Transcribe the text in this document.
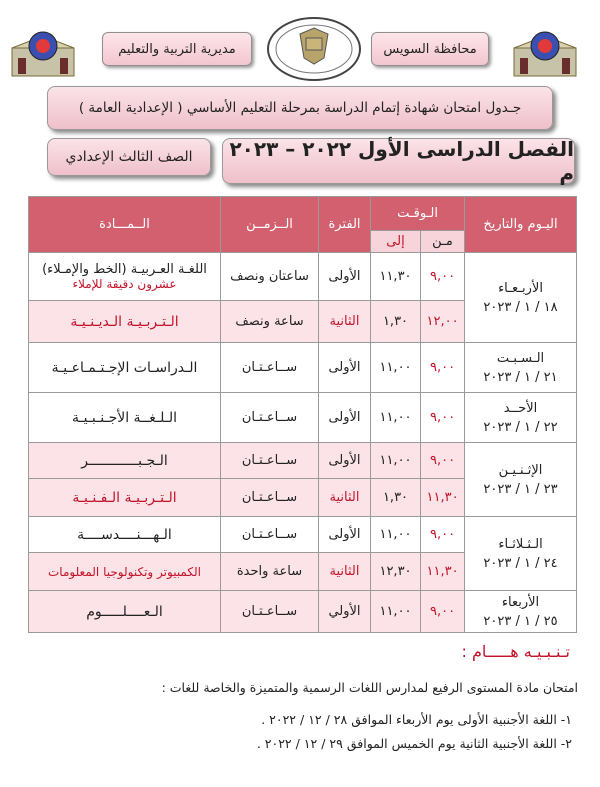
محافظة السويس
مديرية التربية والتعليم
جـدول امتحان شهادة إتمام الدراسة بمرحلة التعليم الأساسي ( الإعدادية العامة )
الفصل الدراسى الأول ٢٠٢٢ – ٢٠٢٣ م
الصف الثالث الإعدادي
اليـوم والتاريخ	الـوقـت		الفترة	الــزمــن	الــمـــادة
	مـن	إلى			
الأربـعـاء
١٨ / ١ / ٢٠٢٣	٩,٠٠	١١,٣٠	الأولى	ساعتان ونصف	اللغـة العـربيـة (الخط والإمـلاء)
عشرون دقيقة للإملاء

	١٢,٠٠	١,٣٠	الثانية	ساعة ونصف	الـتـربـيـة الـديـنـيـة
الـسـبـت
٢١ / ١ / ٢٠٢٣	٩,٠٠	١١,٠٠	الأولى	ســاعـتـان	الـدراسـات الإجـتـمـاعـيـة
الأحــد
٢٢ / ١ / ٢٠٢٣	٩,٠٠	١١,٠٠	الأولى	ســاعـتـان	الـلـغــة الأجـنـبـيـة
الإثـنـيـن
٢٣ / ١ / ٢٠٢٣	٩,٠٠	١١,٠٠	الأولى	ســاعـتـان	الـجـبــــــــــــر
	١١,٣٠	١,٣٠	الثانية	ســاعـتـان	الـتـربـيـة الـفـنـيـة
الـثـلاثـاء
٢٤ / ١ / ٢٠٢٣	٩,٠٠	١١,٠٠	الأولى	ســاعـتـان	الـهـــنــــدســــة
	١١,٣٠	١٢,٣٠	الثانية	ساعة واحدة	الكمبيوتر وتكنولوجيا المعلومات
الأربعاء
٢٥ / ١ / ٢٠٢٣	٩,٠٠	١١,٠٠	الأولي	ســاعـتـان	الـعــــلـــــوم
تـنـبـيـه هـــــام :
امتحان مادة المستوى الرفيع لمدارس اللغات الرسمية والمتميزة والخاصة للغات :
١- اللغة الأجنبية الأولى يوم الأربعاء الموافق ٢٨ / ١٢ / ٢٠٢٢ .
٢- اللغة الأجنبية الثانية يوم الخميس الموافق ٢٩ / ١٢ / ٢٠٢٢ .
